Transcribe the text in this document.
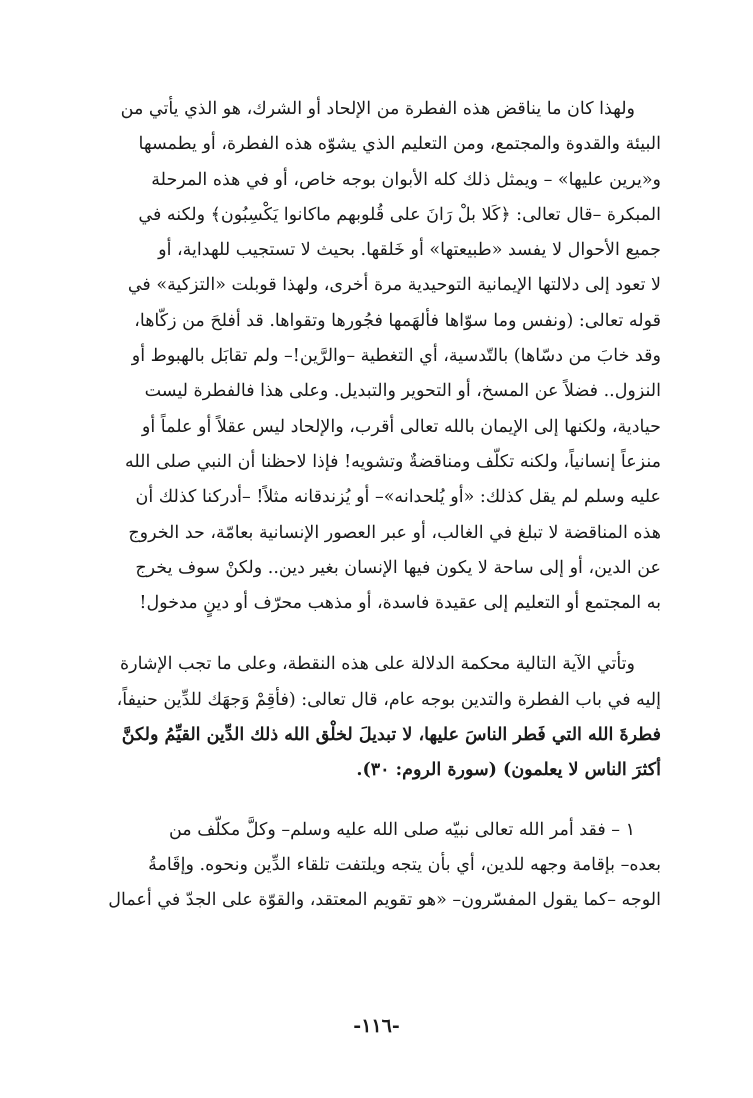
ولهذا كان ما يناقض هذه الفطرة من الإلحاد أو الشرك، هو الذي يأتي من
البيئة والقدوة والمجتمع، ومن التعليم الذي يشوّه هذه الفطرة، أو يطمسها
و«يرين عليها» – ويمثل ذلك كله الأبوان بوجه خاص، أو في هذه المرحلة
المبكرة –قال تعالى: ﴿كَلا بلْ رَانَ على قُلوبهم ماكانوا يَكْسِبُون﴾ ولكنه في
جميع الأحوال لا يفسد «طبيعتها» أو خَلقها. بحيث لا تستجيب للهداية، أو
لا تعود إلى دلالتها الإيمانية التوحيدية مرة أخرى، ولهذا قوبلت «التزكية» في
قوله تعالى: (ونفس وما سوّاها فألهَمها فجُورها وتقواها. قد أفلحَ من زكّاها،
وقد خابَ من دسّاها) بالتّدسية، أي التغطية –والرَّين!– ولم تقابَل بالهبوط أو
النزول.. فضلاً عن المسخ، أو التحوير والتبديل. وعلى هذا فالفطرة ليست
حيادية، ولكنها إلى الإيمان بالله تعالى أقرب، والإلحاد ليس عقلاً أو علماً أو
منزعاً إنسانياً، ولكنه تكلّف ومناقضةٌ وتشويه! فإذا لاحظنا أن النبي صلى الله
عليه وسلم لم يقل كذلك: «أو يُلحدانه»– أو يُزندقانه مثلاً! –أدركنا كذلك أن
هذه المناقضة لا تبلغ في الغالب، أو عبر العصور الإنسانية بعامّة، حد الخروج
عن الدين، أو إلى ساحة لا يكون فيها الإنسان بغير دين.. ولكنْ سوف يخرج
به المجتمع أو التعليم إلى عقيدة فاسدة، أو مذهب محرّف أو دينٍ مدخول!

وتأتي الآية التالية محكمة الدلالة على هذه النقطة، وعلى ما تجب الإشارة
إليه في باب الفطرة والتدين بوجه عام، قال تعالى: (فأقِمْ وَجهَك للدِّين حنيفاً،
فطرةَ الله التي فَطر الناسَ عليها، لا تبديلَ لخلْق الله ذلك الدِّين القيِّمُ ولكنَّ
أكثرَ الناس لا يعلمون) (سورة الروم: ٣٠).

١ – فقد أمر الله تعالى نبيّه صلى الله عليه وسلم– وكلَّ مكلّف من
بعده– بإقامة وجهه للدين، أي بأن يتجه ويلتفت تلقاء الدِّين ونحوه. وإقَامةُ
الوجه –كما يقول المفسّرون– «هو تقويم المعتقد، والقوّة على الجدّ في أعمال

-١١٦-
